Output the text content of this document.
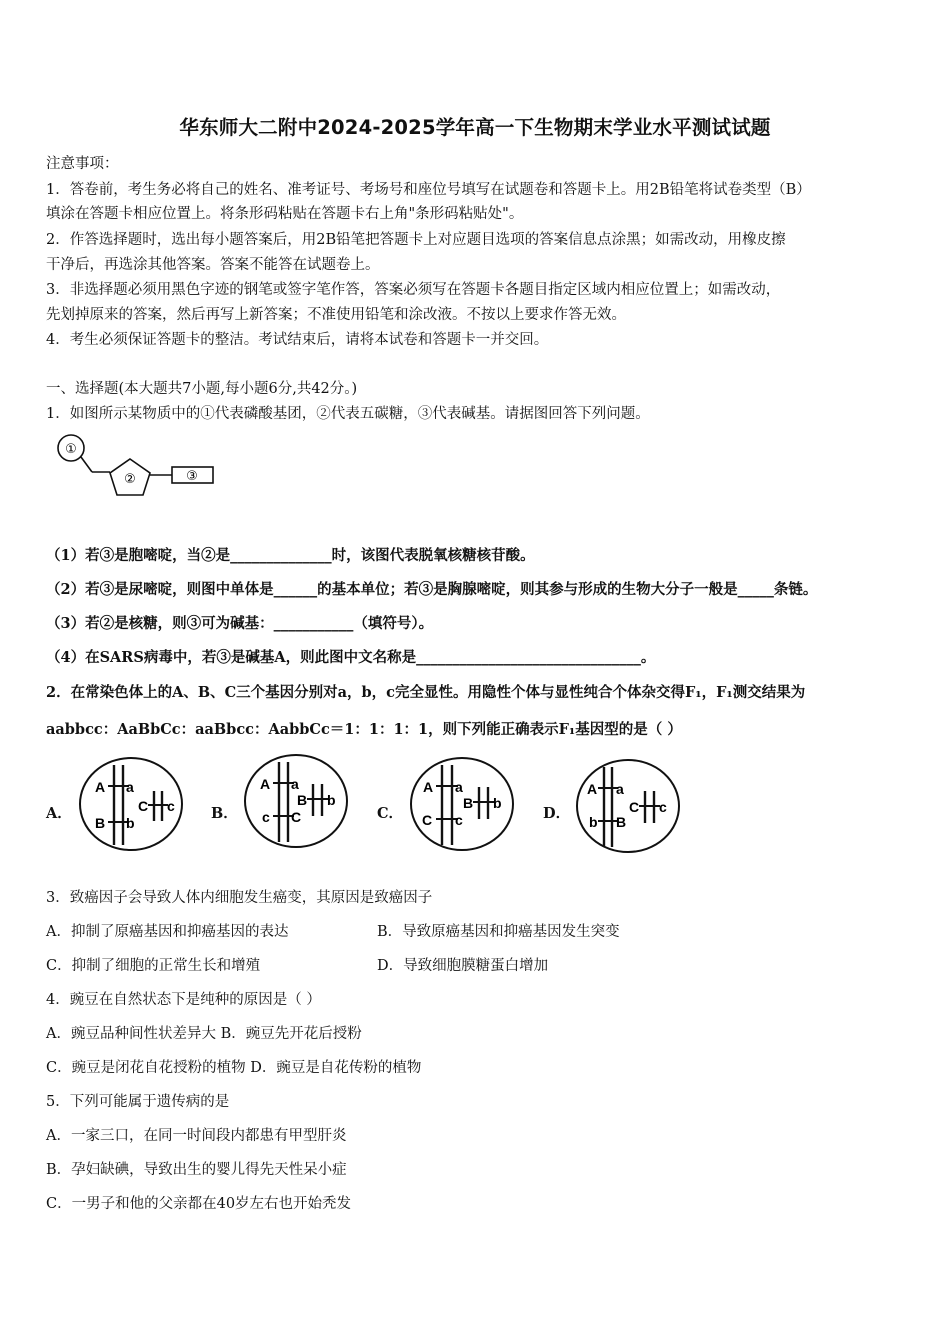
华东师大二附中2024-2025学年高一下生物期末学业水平测试试题
注意事项：
1．答卷前，考生务必将自己的姓名、准考证号、考场号和座位号填写在试题卷和答题卡上。用2B铅笔将试卷类型（B）
填涂在答题卡相应位置上。将条形码粘贴在答题卡右上角"条形码粘贴处"。
2．作答选择题时，选出每小题答案后，用2B铅笔把答题卡上对应题目选项的答案信息点涂黑；如需改动，用橡皮擦
干净后，再选涂其他答案。答案不能答在试题卷上。
3．非选择题必须用黑色字迹的钢笔或签字笔作答，答案必须写在答题卡各题目指定区域内相应位置上；如需改动，
先划掉原来的答案，然后再写上新答案；不准使用铅笔和涂改液。不按以上要求作答无效。
4．考生必须保证答题卡的整洁。考试结束后，请将本试卷和答题卡一并交回。
一、选择题(本大题共7小题,每小题6分,共42分。)
1．如图所示某物质中的①代表磷酸基团，②代表五碳糖，③代表碱基。请据图回答下列问题。
①
②	③
（1）若③是胞嘧啶，当②是______________时，该图代表脱氧核糖核苷酸。
（2）若③是尿嘧啶，则图中单体是______的基本单位；若③是胸腺嘧啶，则其参与形成的生物大分子一般是_____条链。
（3）若②是核糖，则③可为碱基：___________（填符号）。
（4）在SARS病毒中，若③是碱基A，则此图中文名称是_______________________________。
2．在常染色体上的A、B、C三个基因分别对a，b，c完全显性。用隐性个体与显性纯合个体杂交得F₁，F₁测交结果为
aabbcc：AaBbCc：aaBbcc：AabbCc＝1：1：1：1，则下列能正确表示F₁基因型的是（ ）
A．
A a
B b
C c B．
A a
c C
B b
C．
A a
C c
B b
D．
A a
b B
C c
3．致癌因子会导致人体内细胞发生癌变，其原因是致癌因子
A．抑制了原癌基因和抑癌基因的表达	B．导致原癌基因和抑癌基因发生突变
C．抑制了细胞的正常生长和增殖	D．导致细胞膜糖蛋白增加
4．豌豆在自然状态下是纯种的原因是（ ）
A．豌豆品种间性状差异大 B．豌豆先开花后授粉
C．豌豆是闭花自花授粉的植物 D．豌豆是自花传粉的植物
5．下列可能属于遗传病的是
A．一家三口，在同一时间段内都患有甲型肝炎
B．孕妇缺碘，导致出生的婴儿得先天性呆小症
C．一男子和他的父亲都在40岁左右也开始秃发
